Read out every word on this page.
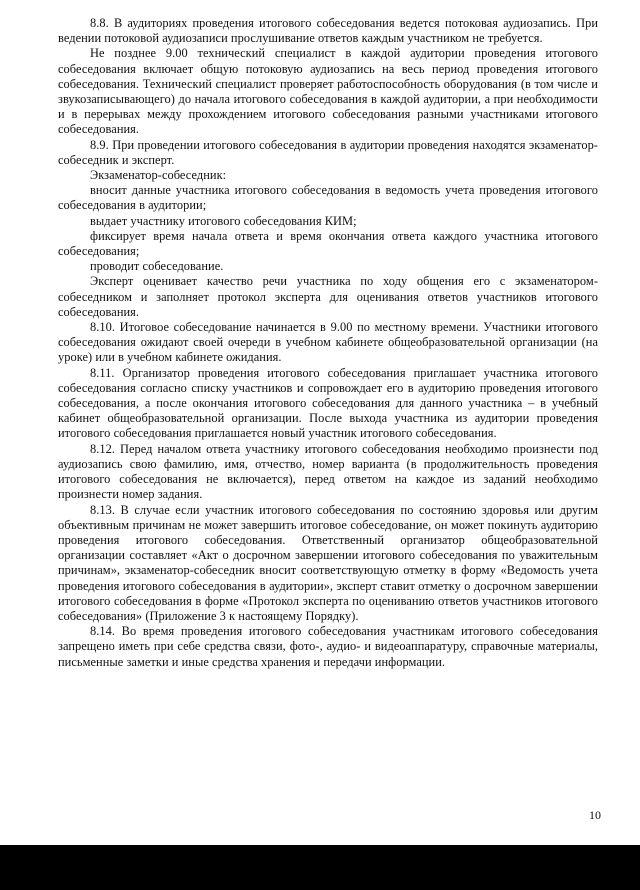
8.8. В аудиториях проведения итогового собеседования ведется потоковая аудиозапись. При ведении потоковой аудиозаписи прослушивание ответов каждым участником не требуется.

Не позднее 9.00 технический специалист в каждой аудитории проведения итогового собеседования включает общую потоковую аудиозапись на весь период проведения итогового собеседования. Технический специалист проверяет работоспособность оборудования (в том числе и звукозаписывающего) до начала итогового собеседования в каждой аудитории, а при необходимости и в перерывах между прохождением итогового собеседования разными участниками итогового собеседования.

8.9. При проведении итогового собеседования в аудитории проведения находятся экзаменатор-собеседник и эксперт.

Экзаменатор-собеседник:

вносит данные участника итогового собеседования в ведомость учета проведения итогового собеседования в аудитории;

выдает участнику итогового собеседования КИМ;

фиксирует время начала ответа и время окончания ответа каждого участника итогового собеседования;

проводит собеседование.

Эксперт оценивает качество речи участника по ходу общения его с экзаменатором-собеседником и заполняет протокол эксперта для оценивания ответов участников итогового собеседования.

8.10. Итоговое собеседование начинается в 9.00 по местному времени. Участники итогового собеседования ожидают своей очереди в учебном кабинете общеобразовательной организации (на уроке) или в учебном кабинете ожидания.

8.11. Организатор проведения итогового собеседования приглашает участника итогового собеседования согласно списку участников и сопровождает его в аудиторию проведения итогового собеседования, а после окончания итогового собеседования для данного участника – в учебный кабинет общеобразовательной организации. После выхода участника из аудитории проведения итогового собеседования приглашается новый участник итогового собеседования.

8.12. Перед началом ответа участнику итогового собеседования необходимо произнести под аудиозапись свою фамилию, имя, отчество, номер варианта (в продолжительность проведения итогового собеседования не включается), перед ответом на каждое из заданий необходимо произнести номер задания.

8.13. В случае если участник итогового собеседования по состоянию здоровья или другим объективным причинам не может завершить итоговое собеседование, он может покинуть аудиторию проведения итогового собеседования. Ответственный организатор общеобразовательной организации составляет «Акт о досрочном завершении итогового собеседования по уважительным причинам», экзаменатор-собеседник вносит соответствующую отметку в форму «Ведомость учета проведения итогового собеседования в аудитории», эксперт ставит отметку о досрочном завершении итогового собеседования в форме «Протокол эксперта по оцениванию ответов участников итогового собеседования» (Приложение 3 к настоящему Порядку).

8.14. Во время проведения итогового собеседования участникам итогового собеседования запрещено иметь при себе средства связи, фото-, аудио- и видеоаппаратуру, справочные материалы, письменные заметки и иные средства хранения и передачи информации.

10
